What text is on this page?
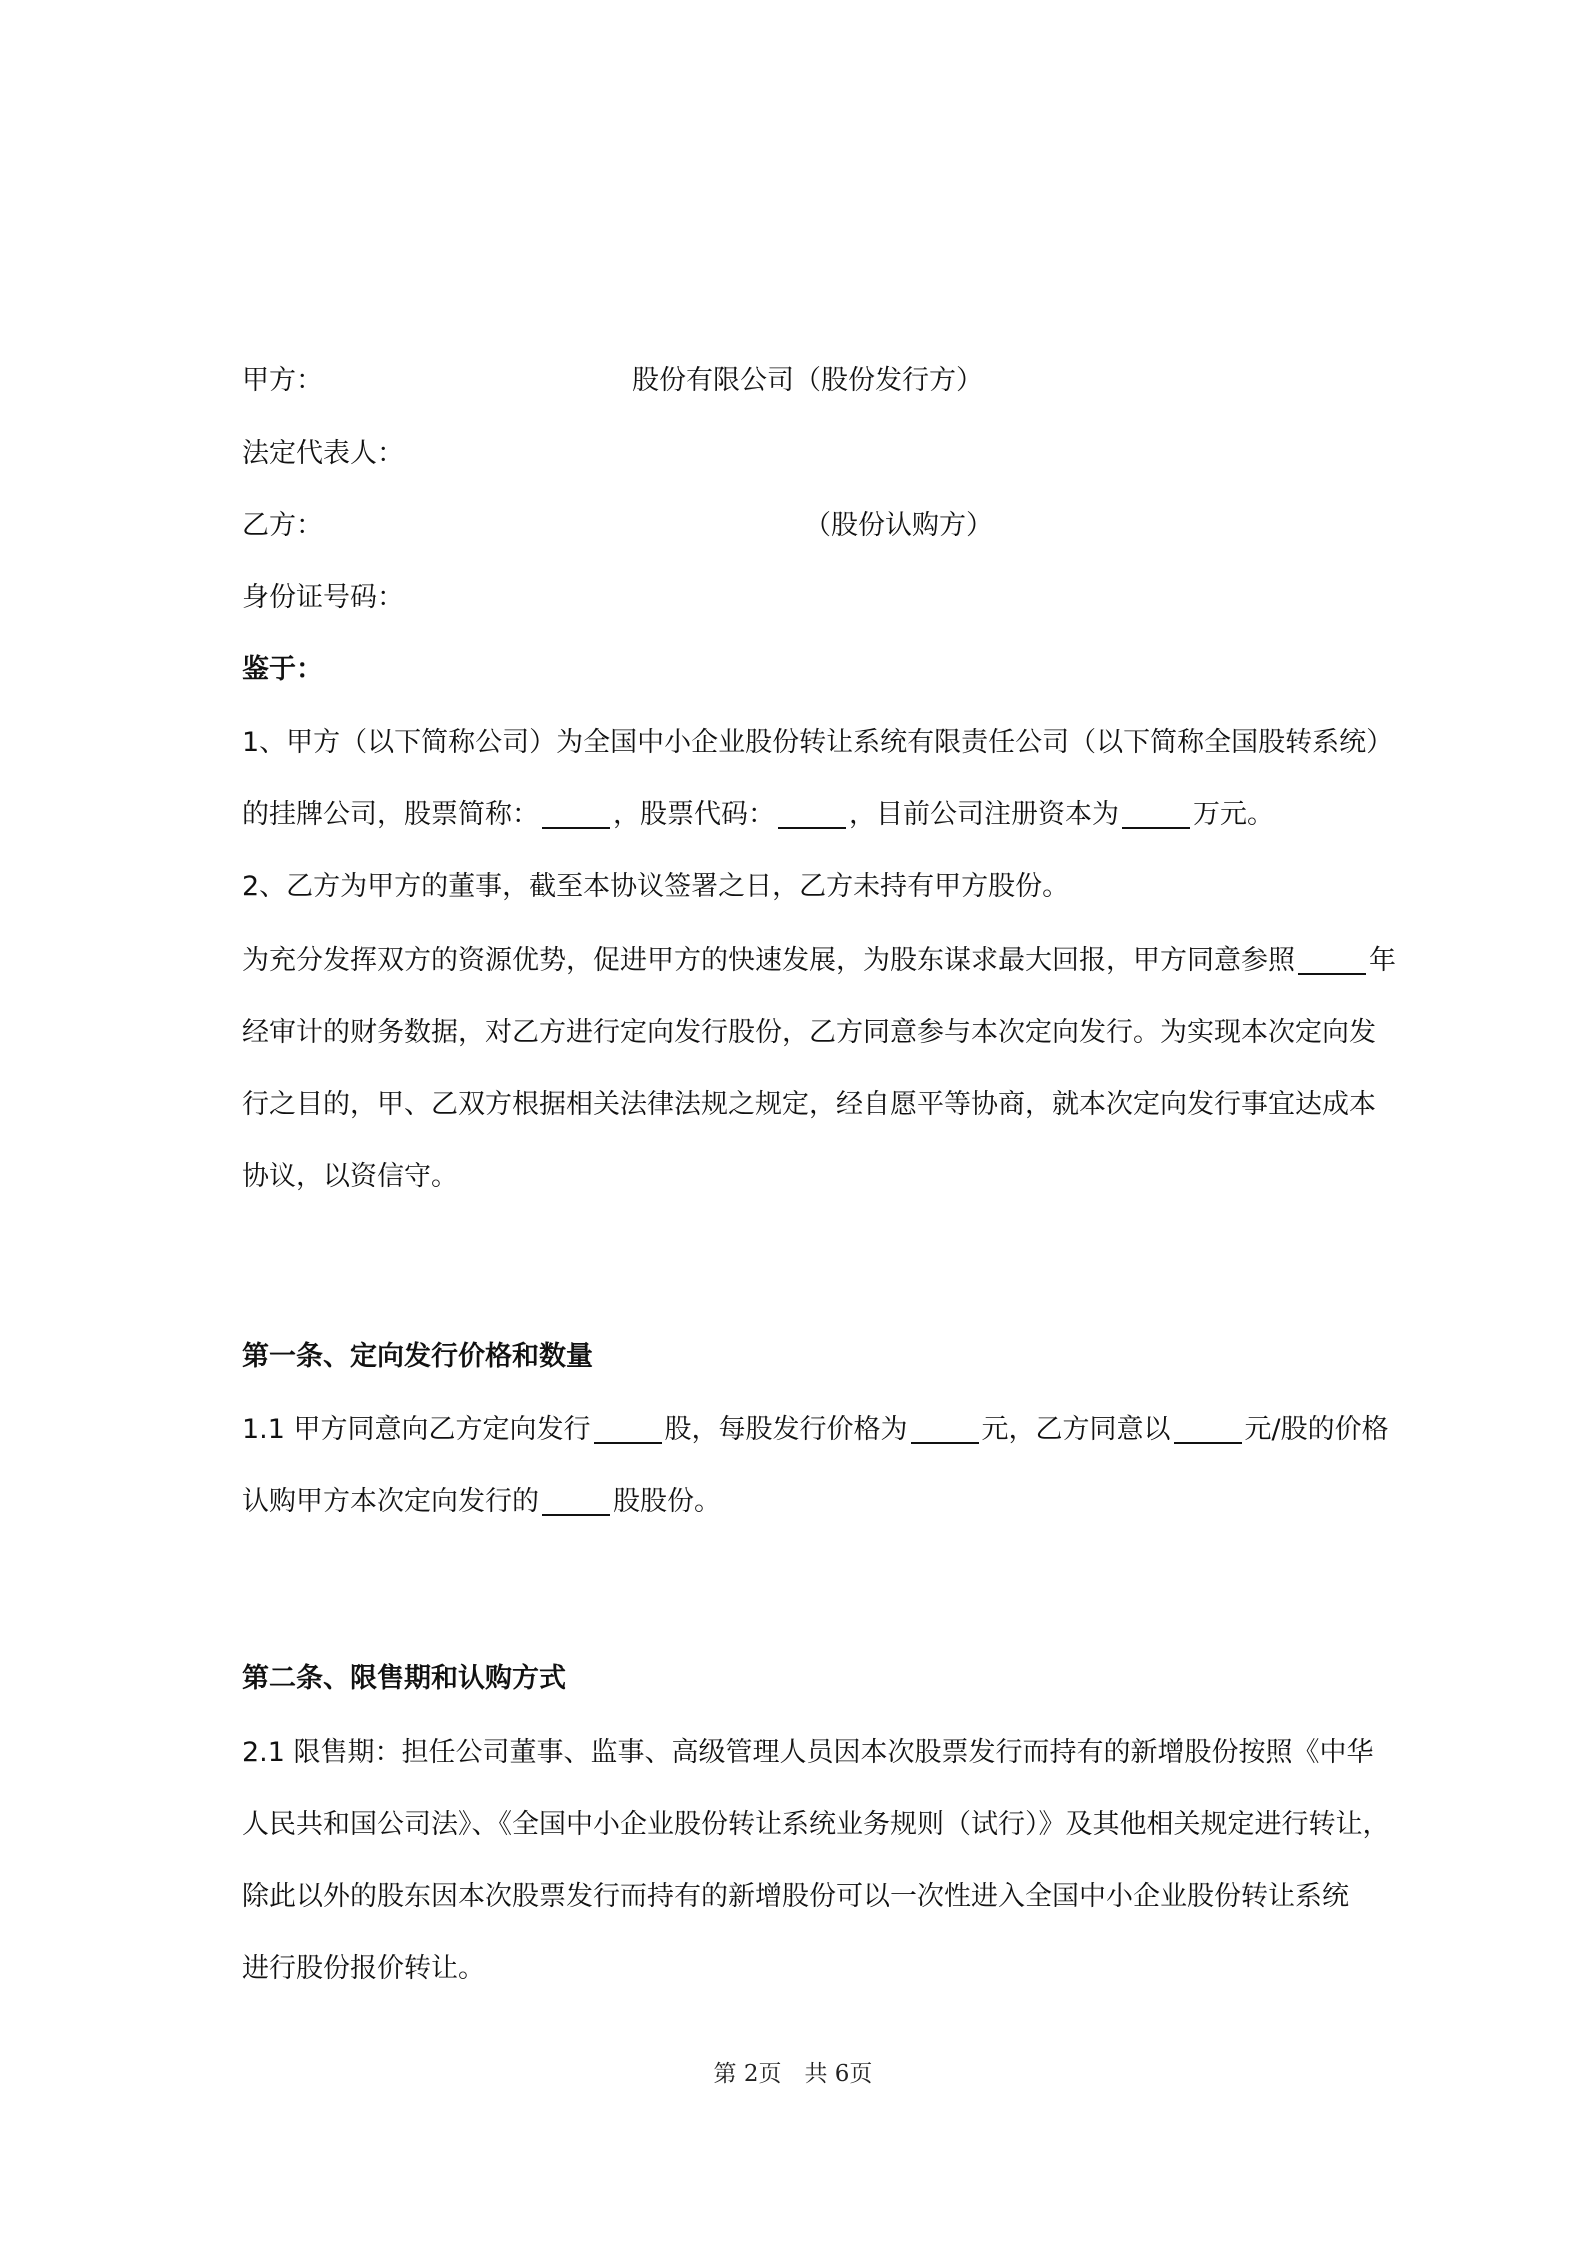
甲方：	股份有限公司（股份发行方）
法定代表人：
乙方：	（股份认购方）
身份证号码：
鉴于：
1、甲方（以下简称公司）为全国中小企业股份转让系统有限责任公司（以下简称全国股转系统）
的挂牌公司，股票简称：	，股票代码：	，目前公司注册资本为	万元。
2、乙方为甲方的董事，截至本协议签署之日，乙方未持有甲方股份。
为充分发挥双方的资源优势，促进甲方的快速发展，为股东谋求最大回报，甲方同意参照	年
经审计的财务数据，对乙方进行定向发行股份，乙方同意参与本次定向发行。为实现本次定向发
行之目的，甲、乙双方根据相关法律法规之规定，经自愿平等协商，就本次定向发行事宜达成本
协议，以资信守。
第一条、定向发行价格和数量
1.1 甲方同意向乙方定向发行	股，每股发行价格为	元，乙方同意以	元/股的价格
认购甲方本次定向发行的	股股份。
第二条、限售期和认购方式
2.1 限售期：担任公司董事、监事、高级管理人员因本次股票发行而持有的新增股份按照《中华
人民共和国公司法》、《全国中小企业股份转让系统业务规则（试行）》及其他相关规定进行转让，
除此以外的股东因本次股票发行而持有的新增股份可以一次性进入全国中小企业股份转让系统
进行股份报价转让。
第 2页　共 6页
